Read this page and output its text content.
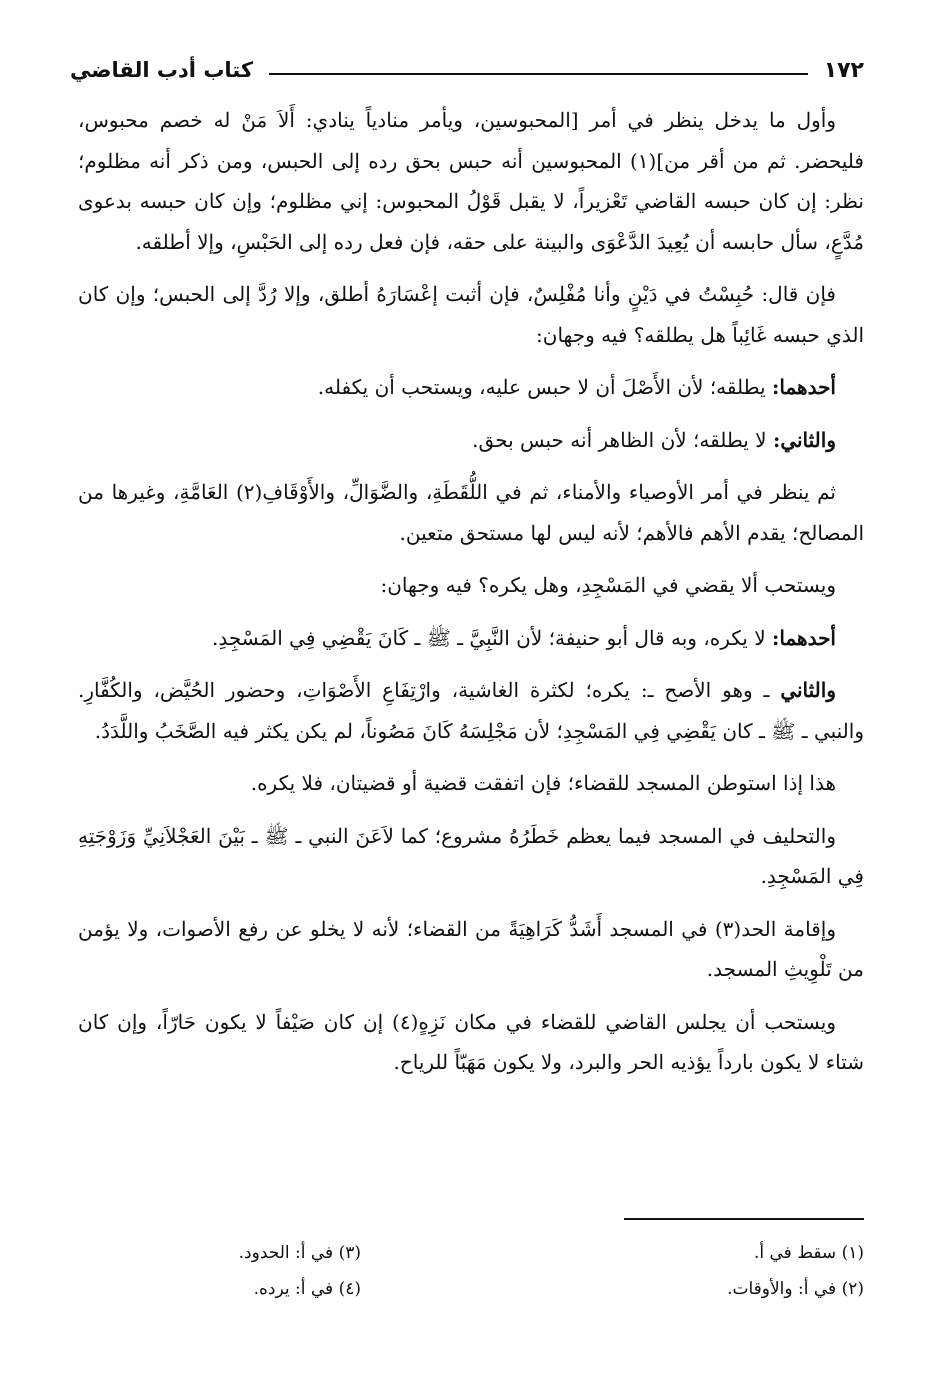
١٧٢
كتاب أدب القاضي

وأول ما يدخل ينظر في أمر [المحبوسين، ويأمر منادياً ينادي: أَلاَ مَنْ له خصم محبوس، فليحضر. ثم من أقر من](١) المحبوسين أنه حبس بحق رده إلى الحبس، ومن ذكر أنه مظلوم؛ نظر: إن كان حبسه القاضي تَعْزيراً، لا يقبل قَوْلُ المحبوس: إني مظلوم؛ وإن كان حبسه بدعوى مُدَّعٍ، سأل حابسه أن يُعِيدَ الدَّعْوَى والبينة على حقه، فإن فعل رده إلى الحَبْسِ، وإلا أطلقه.

فإن قال: حُبِسْتُ في دَيْنٍ وأنا مُفْلِسٌ، فإن أثبت إعْسَارَهُ أطلق، وإلا رُدَّ إلى الحبس؛ وإن كان الذي حبسه غَائِباً هل يطلقه؟ فيه وجهان:

أحدهما: يطلقه؛ لأن الأَصْلَ أن لا حبس عليه، ويستحب أن يكفله.

والثاني: لا يطلقه؛ لأن الظاهر أنه حبس بحق.

ثم ينظر في أمر الأوصياء والأمناء، ثم في اللُّقَطَةِ، والضَّوَالِّ، والأَوْقَافِ(٢) العَامَّةِ، وغيرها من المصالح؛ يقدم الأهم فالأهم؛ لأنه ليس لها مستحق متعين.

ويستحب ألا يقضي في المَسْجِدِ، وهل يكره؟ فيه وجهان:

أحدهما: لا يكره، وبه قال أبو حنيفة؛ لأن النَّبِيَّ ـ ﷺ ـ كَانَ يَقْضِي فِي المَسْجِدِ.

والثاني ـ وهو الأصح ـ: يكره؛ لكثرة الغاشية، وارْتِفَاعِ الأَصْوَاتِ، وحضور الحُيَّض، والكُفَّارِ. والنبي ـ ﷺ ـ كان يَقْضِي فِي المَسْجِدِ؛ لأن مَجْلِسَهُ كَانَ مَصُوناً، لم يكن يكثر فيه الصَّخَبُ واللَّدَدُ.

هذا إذا استوطن المسجد للقضاء؛ فإن اتفقت قضية أو قضيتان، فلا يكره.

والتحليف في المسجد فيما يعظم خَطَرُهُ مشروع؛ كما لاَعَنَ النبي ـ ﷺ ـ بَيْنَ العَجْلاَنِيِّ وَزَوْجَتِهِ فِي المَسْجِدِ.

وإقامة الحد(٣) في المسجد أَشَدُّ كَرَاهِيَةً من القضاء؛ لأنه لا يخلو عن رفع الأصوات، ولا يؤمن من تَلْوِيثِ المسجد.

ويستحب أن يجلس القاضي للقضاء في مكان نَزِهٍ(٤) إن كان صَيْفاً لا يكون حَارّاً، وإن كان شتاء لا يكون بارداً يؤذيه الحر والبرد، ولا يكون مَهَبّاً للرياح.

(١) سقط في أ.
(٣) في أ: الحدود.
(٢) في أ: والأوقات.
(٤) في أ: يرده.
